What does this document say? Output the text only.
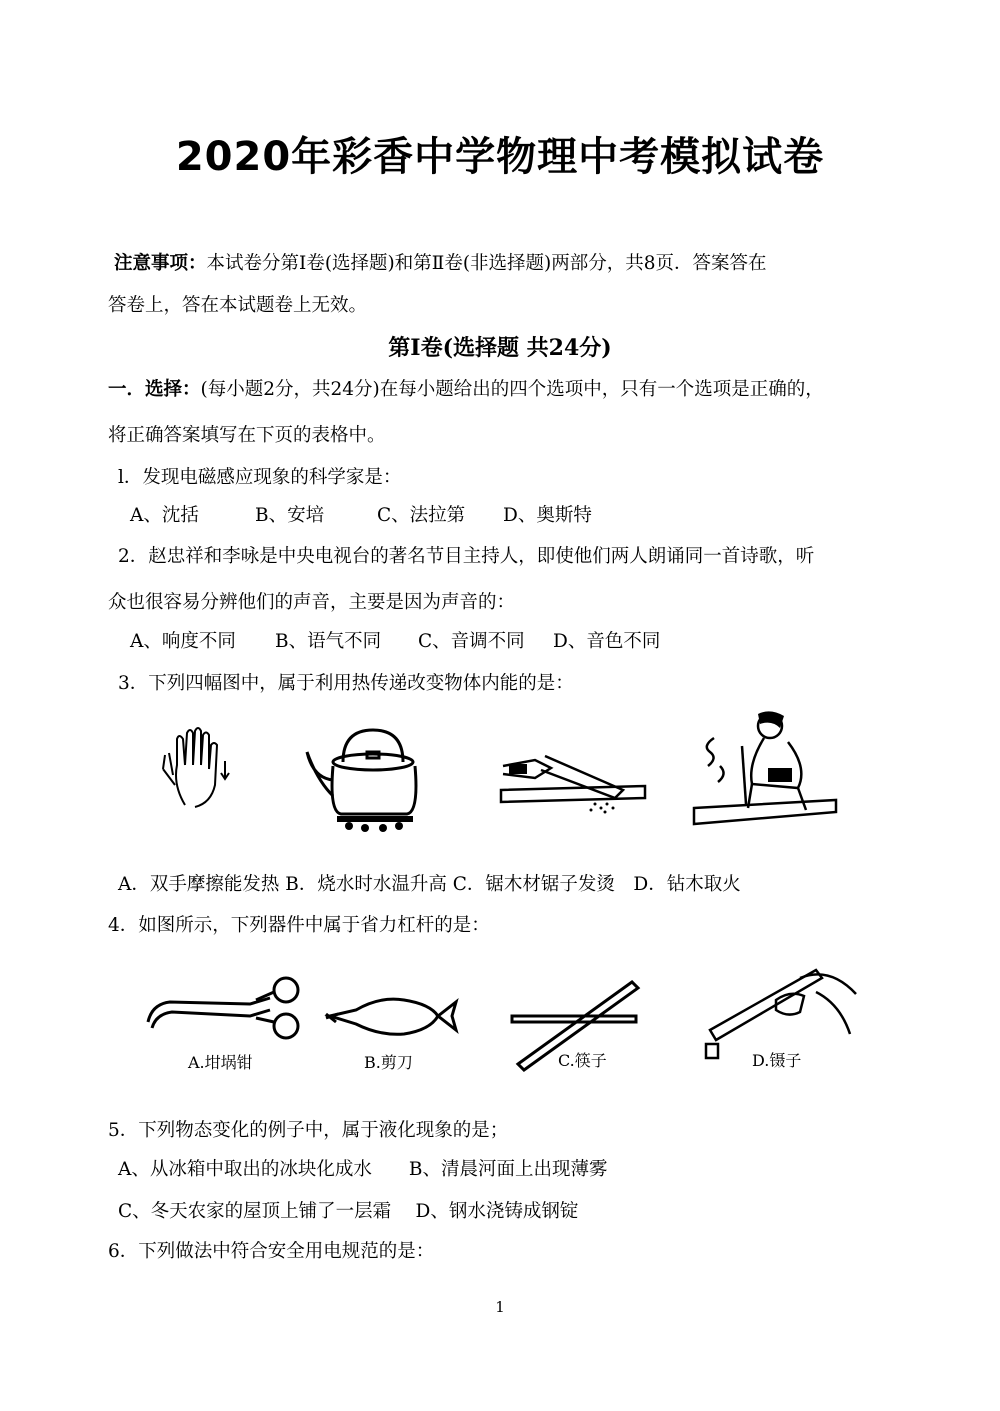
2020年彩香中学物理中考模拟试卷
注意事项：本试卷分第Ⅰ卷(选择题)和第Ⅱ卷(非选择题)两部分，共8页．答案答在
答卷上，答在本试题卷上无效。
第Ⅰ卷(选择题 共24分)
一．选择：(每小题2分，共24分)在每小题给出的四个选项中，只有一个选项是正确的，
将正确答案填写在下页的表格中。
l．发现电磁感应现象的科学家是：
A、沈括	B、安培	C、法拉第 D、奥斯特
2．赵忠祥和李咏是中央电视台的著名节目主持人，即使他们两人朗诵同一首诗歌，听
众也很容易分辨他们的声音，主要是因为声音的：
A、响度不同 B、语气不同 C、音调不同 D、音色不同
3．下列四幅图中，属于利用热传递改变物体内能的是：
A．双手摩擦能发热 B．烧水时水温升高 C．锯木材锯子发烫　D．钻木取火
4．如图所示，下列器件中属于省力杠杆的是：
A.坩埚钳	B.剪刀	C.筷子	D.镊子
5．下列物态变化的例子中，属于液化现象的是；
A、从冰箱中取出的冰块化成水　　B、清晨河面上出现薄雾
C、冬天农家的屋顶上铺了一层霜　 D、钢水浇铸成钢锭
6．下列做法中符合安全用电规范的是：
1
